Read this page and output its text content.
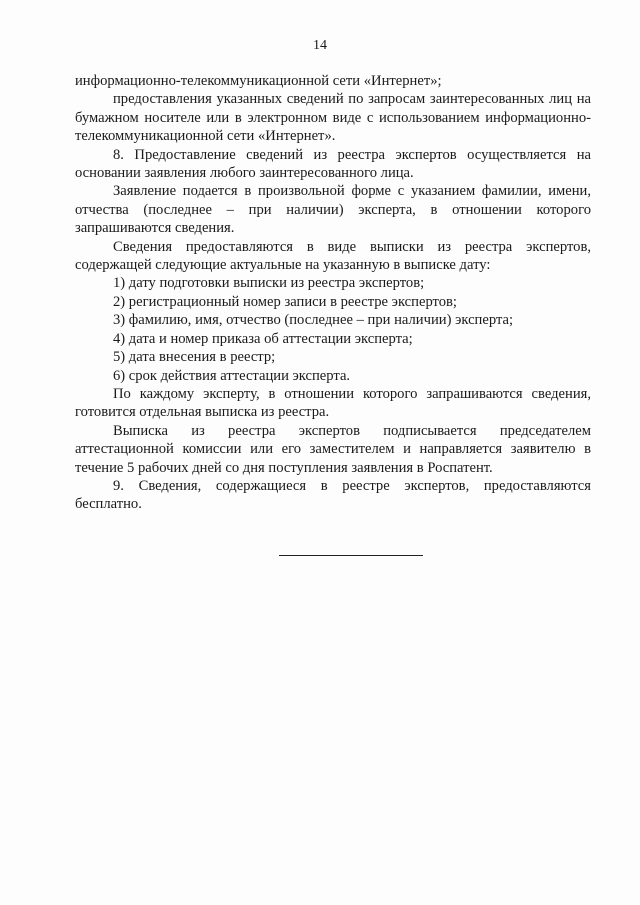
14

информационно-телекоммуникационной сети «Интернет»;

предоставления указанных сведений по запросам заинтересованных лиц на бумажном носителе или в электронном виде с использованием информационно-телекоммуникационной сети «Интернет».

8. Предоставление сведений из реестра экспертов осуществляется на основании заявления любого заинтересованного лица.

Заявление подается в произвольной форме с указанием фамилии, имени, отчества (последнее – при наличии) эксперта, в отношении которого запрашиваются сведения.

Сведения предоставляются в виде выписки из реестра экспертов, содержащей следующие актуальные на указанную в выписке дату:

1) дату подготовки выписки из реестра экспертов;

2) регистрационный номер записи в реестре экспертов;

3) фамилию, имя, отчество (последнее – при наличии) эксперта;

4) дата и номер приказа об аттестации эксперта;

5) дата внесения в реестр;

6) срок действия аттестации эксперта.

По каждому эксперту, в отношении которого запрашиваются сведения, готовится отдельная выписка из реестра.

Выписка из реестра экспертов подписывается председателем аттестационной комиссии или его заместителем и направляется заявителю в течение 5 рабочих дней со дня поступления заявления в Роспатент.

9. Сведения, содержащиеся в реестре экспертов, предоставляются бесплатно.
